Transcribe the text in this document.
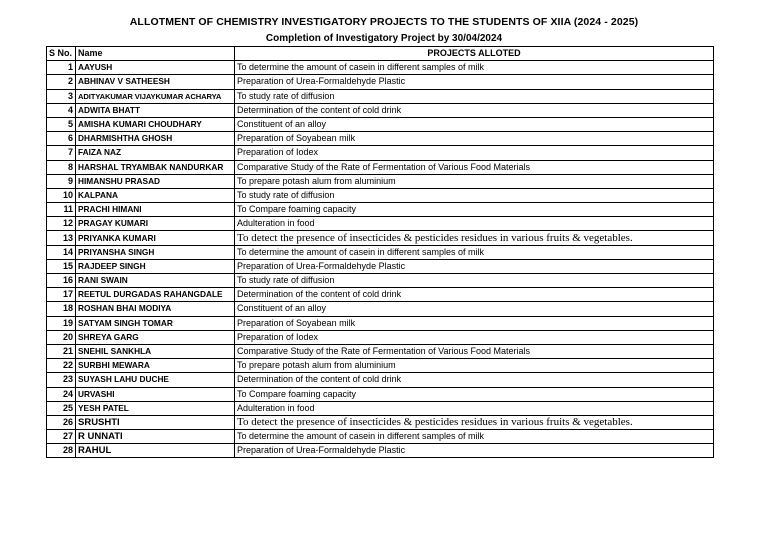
ALLOTMENT OF CHEMISTRY INVESTIGATORY PROJECTS TO THE STUDENTS OF XIIA (2024 - 2025)
Completion of Investigatory Project by 30/04/2024
S No.	Name	PROJECTS ALLOTED
1	AAYUSH	To determine the amount of casein in different samples of milk
2	ABHINAV V SATHEESH	Preparation of Urea-Formaldehyde Plastic
3	ADITYAKUMAR VIJAYKUMAR ACHARYA	To study rate of diffusion
4	ADWITA BHATT	Determination of the content of cold drink
5	AMISHA KUMARI CHOUDHARY	Constituent of an alloy
6	DHARMISHTHA GHOSH	Preparation of Soyabean milk
7	FAIZA NAZ	Preparation of Iodex
8	HARSHAL TRYAMBAK NANDURKAR	Comparative Study of the Rate of Fermentation of Various Food Materials
9	HIMANSHU PRASAD	To prepare potash alum from aluminium
10	KALPANA	To study rate of diffusion
11	PRACHI HIMANI	To Compare foaming capacity
12	PRAGAY KUMARI	Adulteration in food
13	PRIYANKA KUMARI	To detect the presence of insecticides & pesticides residues in various fruits & vegetables.
14	PRIYANSHA SINGH	To determine the amount of casein in different samples of milk
15	RAJDEEP SINGH	Preparation of Urea-Formaldehyde Plastic
16	RANI SWAIN	To study rate of diffusion
17	REETUL DURGADAS RAHANGDALE	Determination of the content of cold drink
18	ROSHAN BHAI MODIYA	Constituent of an alloy
19	SATYAM SINGH TOMAR	Preparation of Soyabean milk
20	SHREYA GARG	Preparation of Iodex
21	SNEHIL SANKHLA	Comparative Study of the Rate of Fermentation of Various Food Materials
22	SURBHI MEWARA	To prepare potash alum from aluminium
23	SUYASH LAHU DUCHE	Determination of the content of cold drink
24	URVASHI	To Compare foaming capacity
25	YESH PATEL	Adulteration in food
26	SRUSHTI	To detect the presence of insecticides & pesticides residues in various fruits & vegetables.
27	R UNNATI	To determine the amount of casein in different samples of milk
28	RAHUL	Preparation of Urea-Formaldehyde Plastic
